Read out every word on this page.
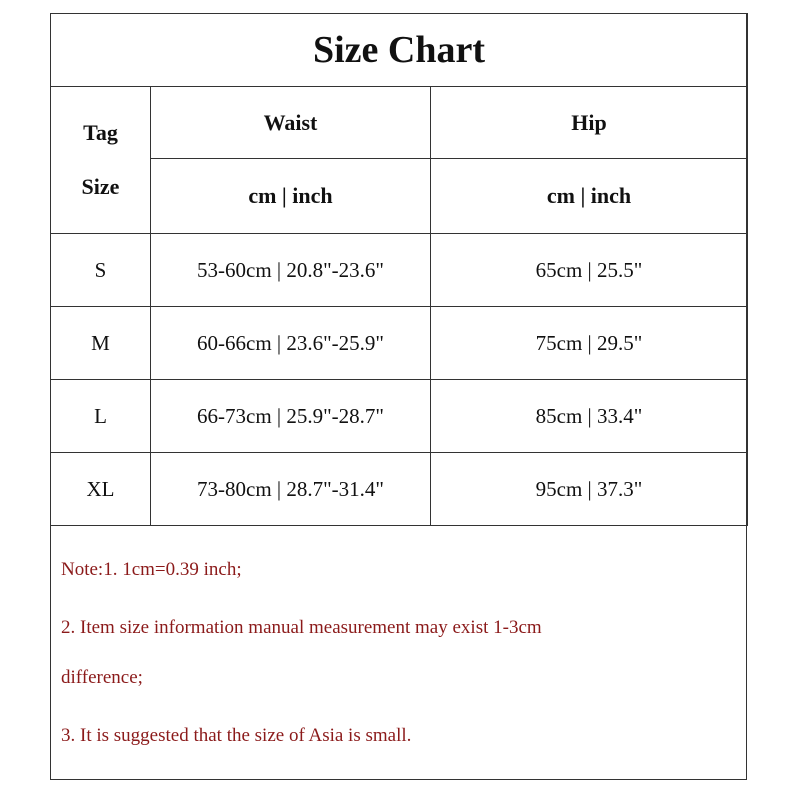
Size Chart		

Tag
Size	Waist	Hip
	cm | inch	cm | inch
S	53-60cm | 20.8"-23.6"	65cm | 25.5"
M	60-66cm | 23.6"-25.9"	75cm | 29.5"
L	66-73cm | 25.9"-28.7"	85cm | 33.4"
XL	73-80cm | 28.7"-31.4"	95cm | 37.3"
Note:1. 1cm=0.39 inch;
2. Item size information manual measurement may exist 1-3cm
difference;
3. It is suggested that the size of Asia is small.
